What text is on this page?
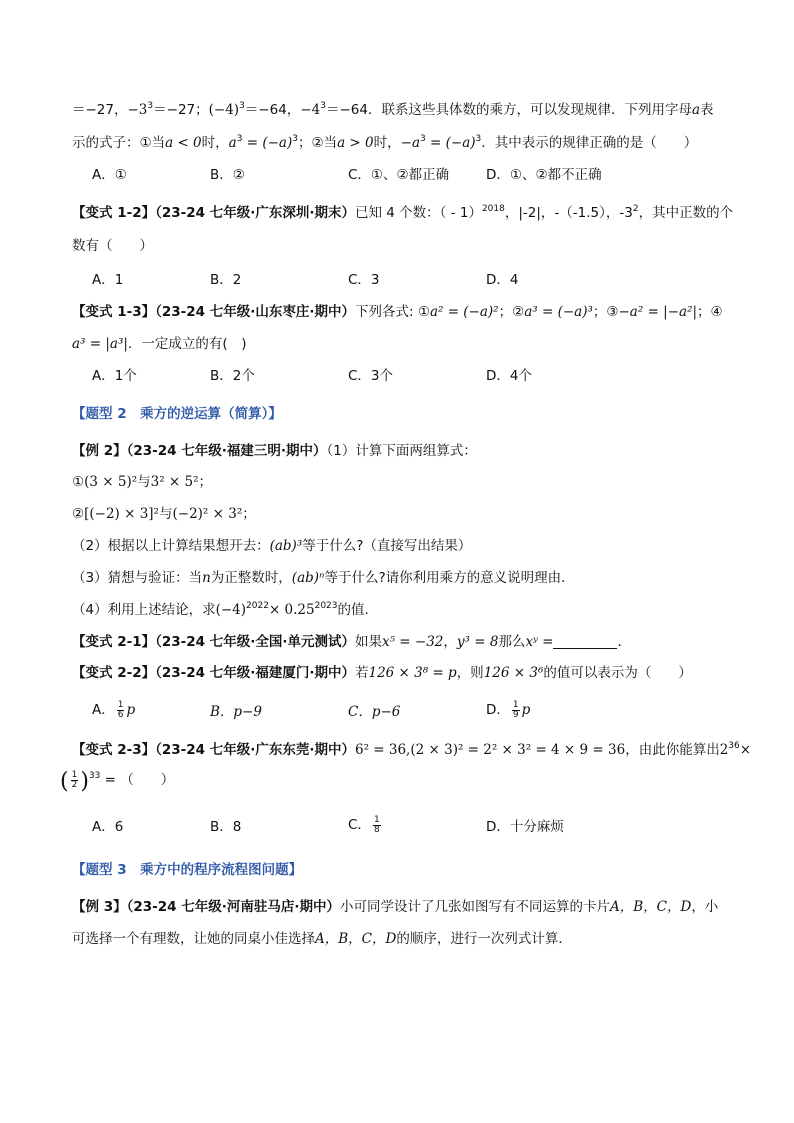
＝−27，$-3^3=-27$；$(-4)^3=-64$，$-4^3=-64$．联系这些具体数的乘方，可以发现规律．下列用字母a表
示的式子：①当a < 0时，$a^3 = (-a)^3$；②当a > 0时，$-a^3 = (-a)^3$．其中表示的规律正确的是（　　）
A．①	B．②	C．①、②都正确	D．①、②都不正确
【变式 1-2】（23-24 七年级·广东深圳·期末）已知 4 个数：（ - 1）$^{2018}$，|-2|，-（-1.5），$-3^2$，其中正数的个
数有（　　）
A．1	B．2	C．3	D．4
【变式 1-3】（23-24 七年级·山东枣庄·期中）下列各式: ①a² = (−a)²；②a³ = (−a)³；③−a² = |−a²|；④
a³ = |a³|．一定成立的有(　)
A．1个	B．2个	C．3个	D．4个
【题型 2　乘方的逆运算（简算）】
【例 2】（23-24 七年级·福建三明·期中）（1）计算下面两组算式：
①(3 × 5)²与3² × 5²；
②[(−2) × 3]²与(−2)² × 3²；
（2）根据以上计算结果想开去：(ab)³等于什么?（直接写出结果）
（3）猜想与验证：当n为正整数时，(ab)ⁿ等于什么?请你利用乘方的意义说明理由．
（4）利用上述结论，求$(-4)^{2022}\times 0.25^{2023}$的值．
【变式 2-1】（23-24 七年级·全国·单元测试）如果x⁵ = −32，y³ = 8那么xʸ =	．
【变式 2-2】（23-24 七年级·福建厦门·期中）若126 × 3⁸ = p，则126 × 3⁶的值可以表示为（　　）
A． $\frac{1}{6}$ p	B．p−9	C．p−6	D． $\frac{1}{9}$ p
【变式 2-3】（23-24 七年级·广东东莞·期中）6² = 36,(2 × 3)² = 2² × 3² = 4 × 9 = 36，由此你能算出$2^{36}\times$
( $\frac{1}{2} )^{33}$ = （　　）
A．6	B．8	C． $\frac{1}{8}$	D．十分麻烦
【题型 3　乘方中的程序流程图问题】
【例 3】（23-24 七年级·河南驻马店·期中）小可同学设计了几张如图写有不同运算的卡片A，B，C，D，小
可选择一个有理数，让她的同桌小佳选择A，B，C，D的顺序，进行一次列式计算．
